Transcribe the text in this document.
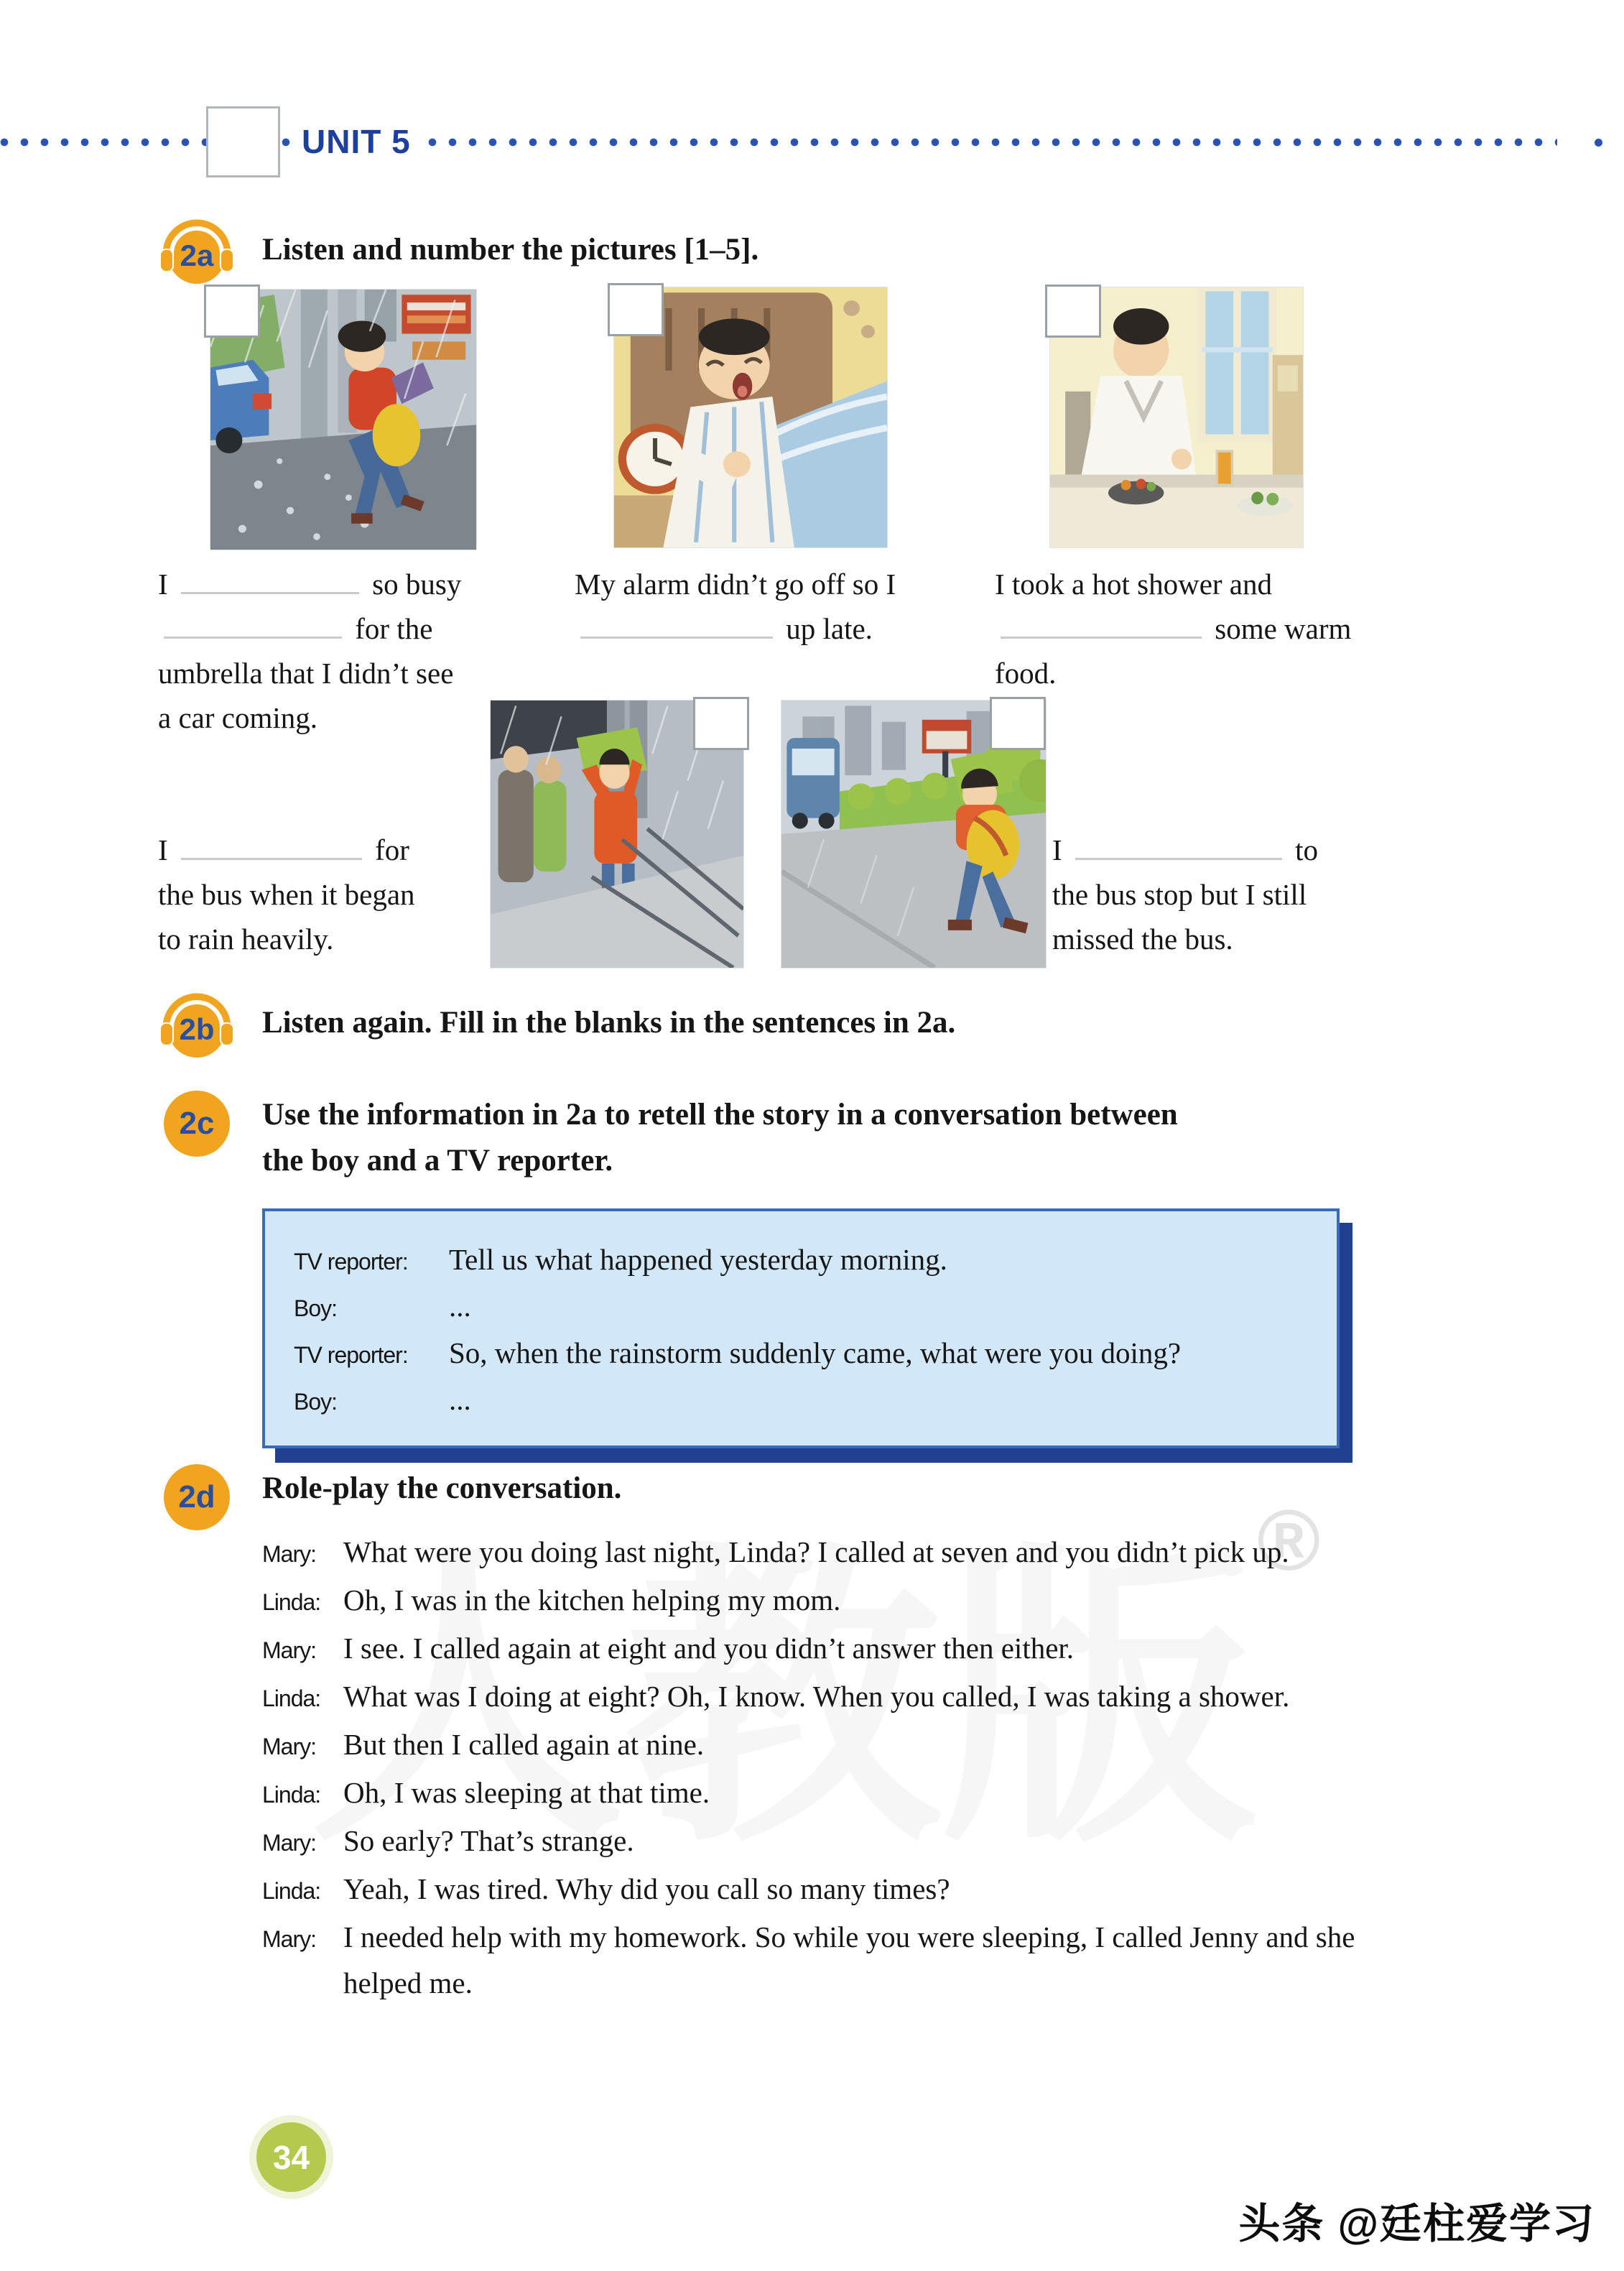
UNIT 5
2a Listen and number the pictures [1–5].
I	so busy
for the
umbrella that I didn’t see
a car coming.
My alarm didn’t go off so I
up late.
I took a hot shower and
some warm
food.
I	for
the bus when it began
to rain heavily.
I	to
the bus stop but I still
missed the bus.
2b Listen again. Fill in the blanks in the sentences in 2a.
2c Use the information in 2a to retell the story in a conversation between
the boy and a TV reporter.
TV reporter:	Tell us what happened yesterday morning.
Boy:	...
TV reporter:	So, when the rainstorm suddenly came, what were you doing?
Boy:	...
®
2d Role-play the conversation.
Mary: What were you doing last night, Linda? I called at seven and you didn’t pick up.
Linda: Oh, I was in the kitchen helping my mom.
Mary: I see. I called again at eight and you didn’t answer then either.
Linda: What was I doing at eight? Oh, I know. When you called, I was taking a shower.
Mary: But then I called again at nine.
Linda: Oh, I was sleeping at that time.
Mary: So early? That’s strange.
Linda: Yeah, I was tired. Why did you call so many times?
Mary: I needed help with my homework. So while you were sleeping, I called Jenny and she helped me.
34
头条 @廷柱爱学习
